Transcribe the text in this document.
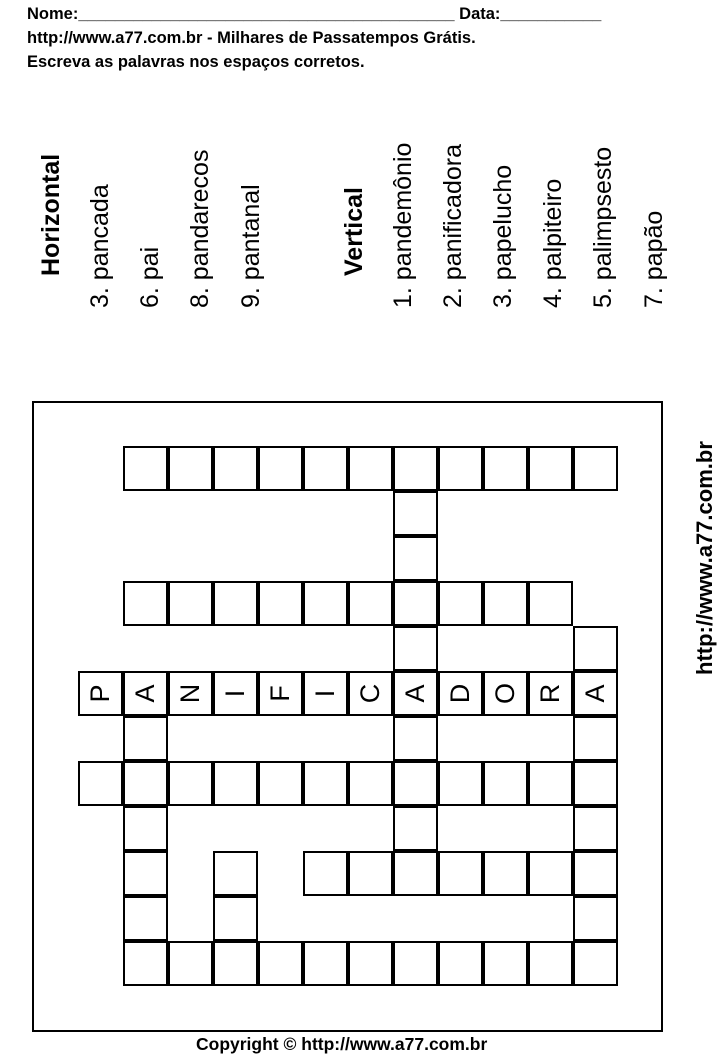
Nome:_________________________________________ Data:___________
http://www.a77.com.br - Milhares de Passatempos Grátis.
Escreva as palavras nos espaços corretos.
Horizontal 3. pancada 6. pai 8. pandarecos 9. pantanal	Vertical 1. pandemônio 2. panificadora 3. papelucho 4. palpiteiro 5. palimpsesto 7. papão
http://www.a77.com.br
P A N I F I C A D O R A
Copyright © http://www.a77.com.br
